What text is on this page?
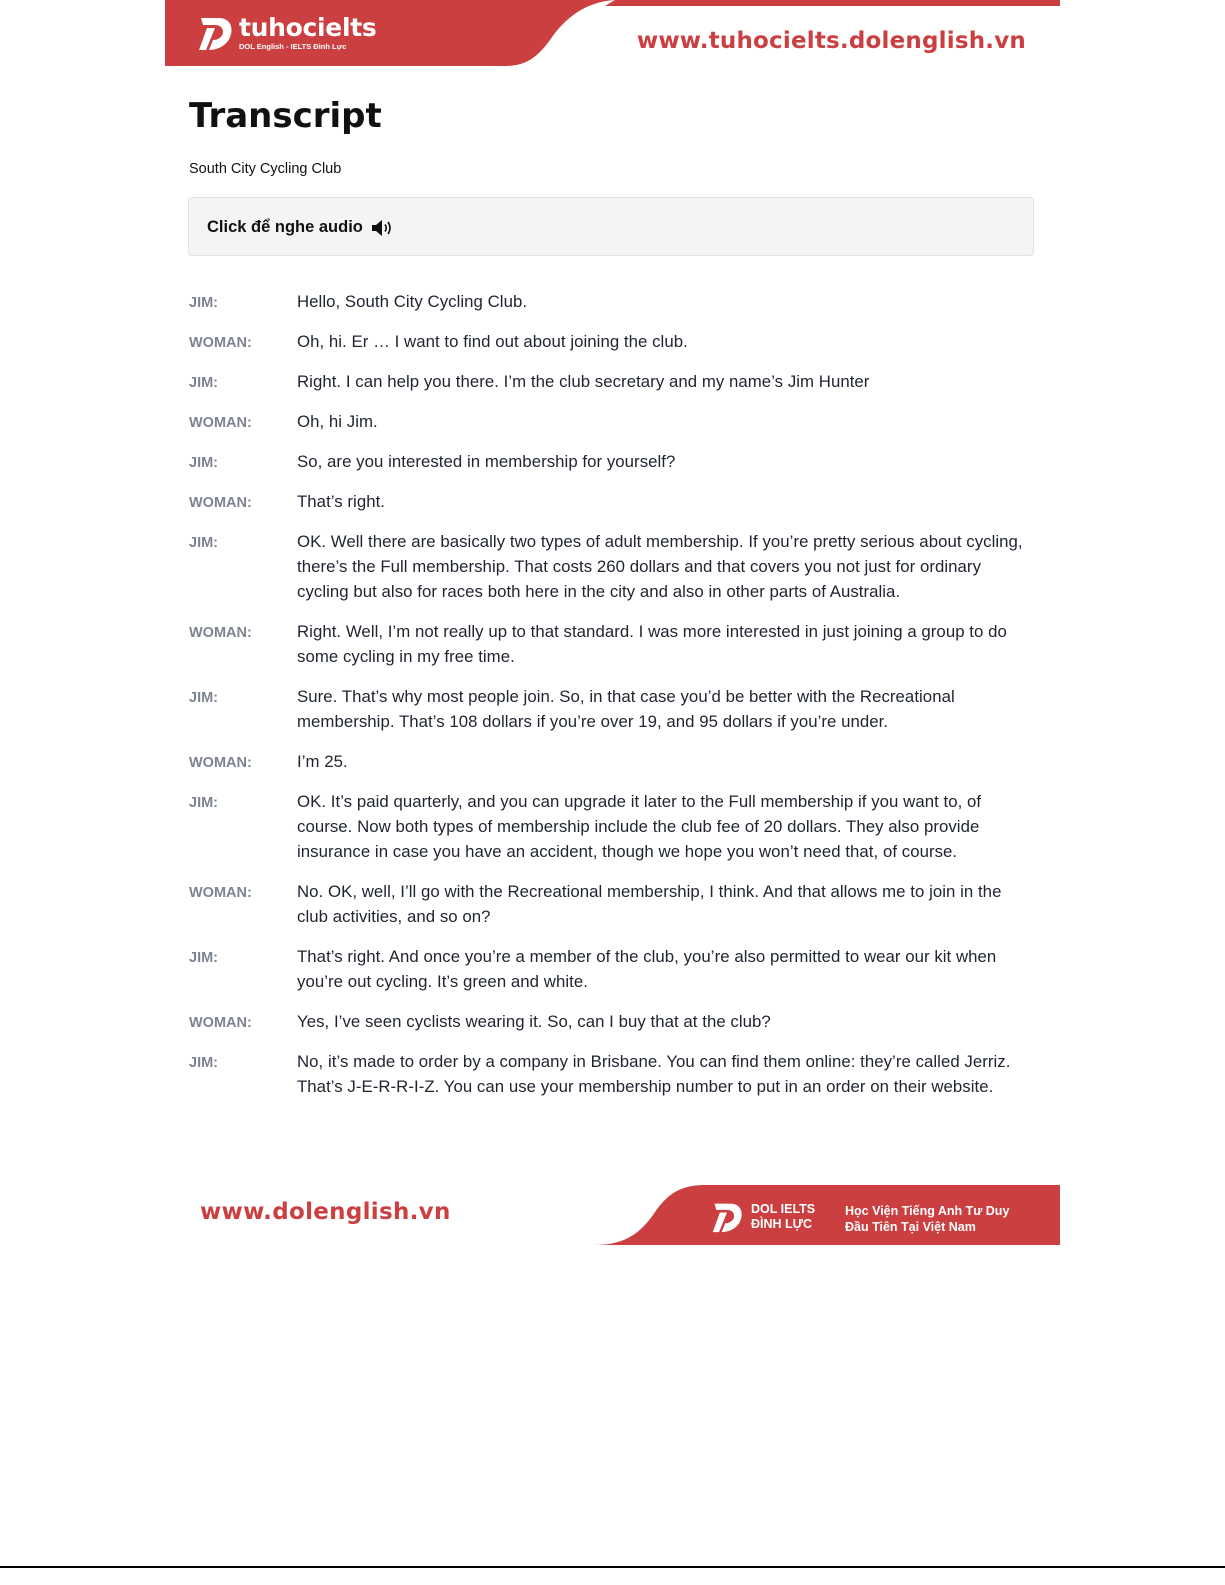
tuhocielts
DOL English - IELTS Đình Lực	www.tuhocielts.dolenglish.vn
Transcript
South City Cycling Club
Click để nghe audio
JIM:	Hello, South City Cycling Club.
WOMAN:	Oh, hi. Er … I want to find out about joining the club.
JIM:	Right. I can help you there. I’m the club secretary and my name’s Jim Hunter
WOMAN:	Oh, hi Jim.
JIM:	So, are you interested in membership for yourself?
WOMAN:	That’s right.
JIM:	OK. Well there are basically two types of adult membership. If you’re pretty serious about cycling, there’s the Full membership. That costs 260 dollars and that covers you not just for ordinary cycling but also for races both here in the city and also in other parts of Australia.
WOMAN:	Right. Well, I’m not really up to that standard. I was more interested in just joining a group to do some cycling in my free time.
JIM:	Sure. That’s why most people join. So, in that case you’d be better with the Recreational membership. That’s 108 dollars if you’re over 19, and 95 dollars if you’re under.
WOMAN:	I’m 25.
JIM:	OK. It’s paid quarterly, and you can upgrade it later to the Full membership if you want to, of course. Now both types of membership include the club fee of 20 dollars. They also provide insurance in case you have an accident, though we hope you won’t need that, of course.
WOMAN:	No. OK, well, I’ll go with the Recreational membership, I think. And that allows me to join in the club activities, and so on?
JIM:	That’s right. And once you’re a member of the club, you’re also permitted to wear our kit when you’re out cycling. It’s green and white.
WOMAN:	Yes, I’ve seen cyclists wearing it. So, can I buy that at the club?
JIM:	No, it’s made to order by a company in Brisbane. You can find them online: they’re called Jerriz. That’s J-E-R-R-I-Z. You can use your membership number to put in an order on their website.
www.dolenglish.vn	DOL IELTS
ĐÌNH LỰC
Học Viện Tiếng Anh Tư Duy
Đầu Tiên Tại Việt Nam
